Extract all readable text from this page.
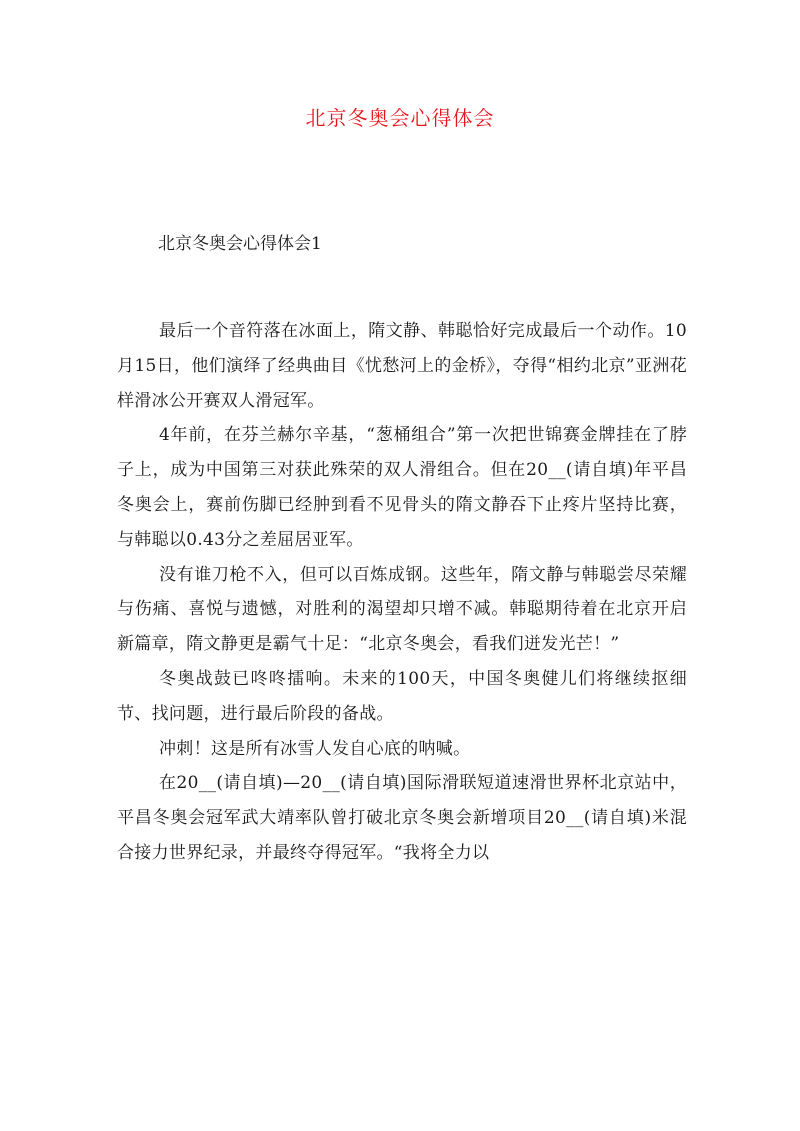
北京冬奥会心得体会
北京冬奥会心得体会1

最后一个音符落在冰面上，隋文静、韩聪恰好完成最后一个动作。10月15日，他们演绎了经典曲目《忧愁河上的金桥》，夺得“相约北京”亚洲花样滑冰公开赛双人滑冠军。

4年前，在芬兰赫尔辛基，“葱桶组合”第一次把世锦赛金牌挂在了脖子上，成为中国第三对获此殊荣的双人滑组合。但在20__(请自填)年平昌冬奥会上，赛前伤脚已经肿到看不见骨头的隋文静吞下止疼片坚持比赛，与韩聪以0.43分之差屈居亚军。

没有谁刀枪不入，但可以百炼成钢。这些年，隋文静与韩聪尝尽荣耀与伤痛、喜悦与遗憾，对胜利的渴望却只增不减。韩聪期待着在北京开启新篇章，隋文静更是霸气十足：“北京冬奥会，看我们迸发光芒！”

冬奥战鼓已咚咚擂响。未来的100天，中国冬奥健儿们将继续抠细节、找问题，进行最后阶段的备战。

冲刺！这是所有冰雪人发自心底的呐喊。

在20__(请自填)—20__(请自填)国际滑联短道速滑世界杯北京站中，平昌冬奥会冠军武大靖率队曾打破北京冬奥会新增项目20__(请自填)米混合接力世界纪录，并最终夺得冠军。“我将全力以
